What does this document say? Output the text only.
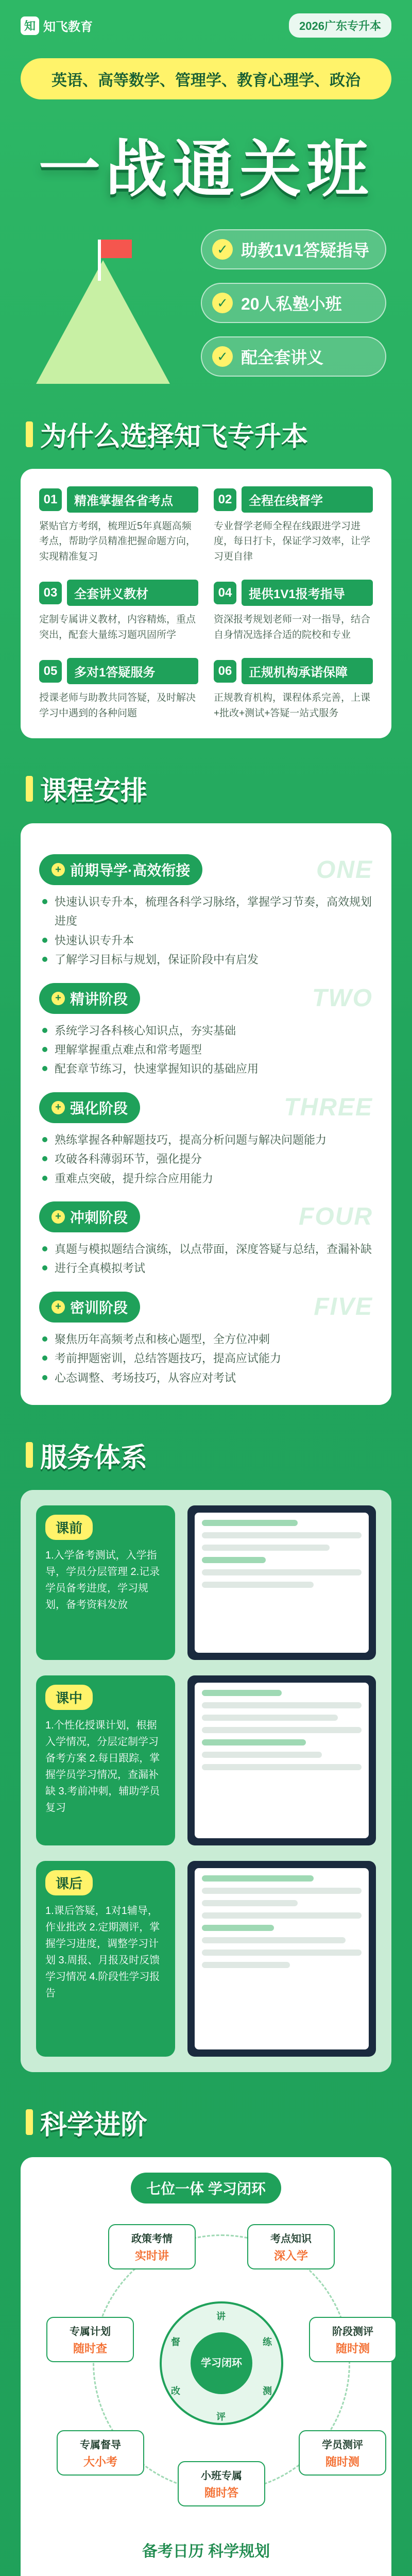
知 知飞教育	2026广东专升本
英语、高等数学、管理学、教育心理学、政治
一战通关班
✓ 助教1V1答疑指导
✓ 20人私塾小班
✓ 配全套讲义
为什么选择知飞专升本
01	精准掌握各省考点

紧贴官方考纲，梳理近5年真题高频考点，帮助学员精准把握命题方向，实现精准复习

02	全程在线督学

专业督学老师全程在线跟进学习进度，每日打卡，保证学习效率，让学习更自律

03	全套讲义教材

定制专属讲义教材，内容精炼，重点突出，配套大量练习题巩固所学

04	提供1V1报考指导

资深报考规划老师一对一指导，结合自身情况选择合适的院校和专业

05	多对1答疑服务

授课老师与助教共同答疑，及时解决学习中遇到的各种问题

06	正规机构承诺保障

正规教育机构，课程体系完善，上课+批改+测试+答疑一站式服务

课程安排
+ 前期导学·高效衔接	ONE
快速认识专升本，梳理各科学习脉络，掌握学习节奏，高效规划进度
快速认识专升本
了解学习目标与规划，保证阶段中有启发
+ 精讲阶段	TWO
系统学习各科核心知识点，夯实基础
理解掌握重点难点和常考题型
配套章节练习，快速掌握知识的基础应用
+ 强化阶段	THREE
熟练掌握各种解题技巧，提高分析问题与解决问题能力
攻破各科薄弱环节，强化提分
重难点突破，提升综合应用能力
+ 冲刺阶段	FOUR
真题与模拟题结合演练，以点带面，深度答疑与总结，查漏补缺
进行全真模拟考试
+ 密训阶段	FIVE
聚焦历年高频考点和核心题型，全方位冲刺
考前押题密训，总结答题技巧，提高应试能力
心态调整、考场技巧，从容应对考试
服务体系
课前

1.入学备考测试，入学指导，学员分层管理 2.记录学员备考进度，学习规划，备考资料发放

课中

1.个性化授课计划，根据入学情况，分层定制学习备考方案 2.每日跟踪，掌握学员学习情况，查漏补缺 3.考前冲刺，辅助学员复习

课后

1.课后答疑，1对1辅导，作业批改 2.定期测评，掌握学习进度，调整学习计划 3.周报、月报及时反馈学习情况 4.阶段性学习报告

科学进阶
七位一体 学习闭环
学习闭环
讲
练
测
评
改
督
政策考情
实时讲
考点知识
深入学
专属计划
随时查
阶段测评
随时测
专属督导
大小考
小班专属
随时答
学员测评
随时测
备考日历 科学规划
